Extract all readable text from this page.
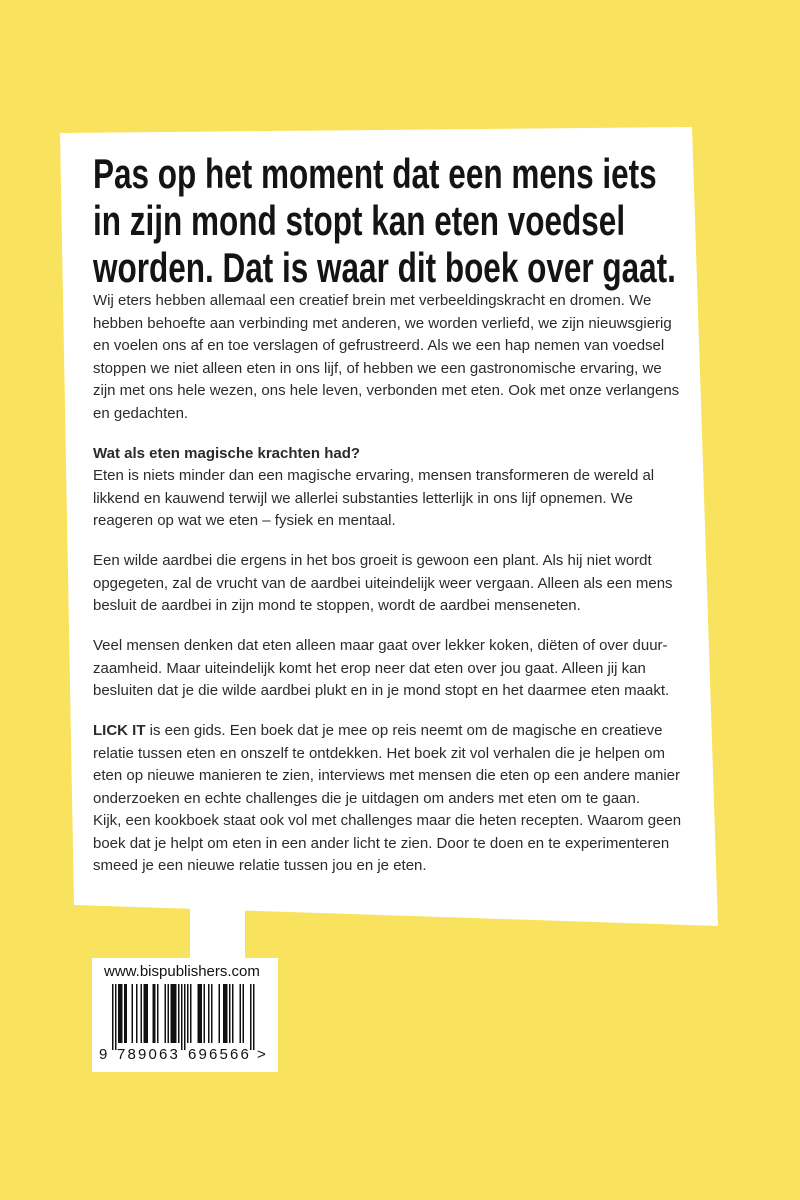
Pas op het moment dat een mens iets
in zijn mond stopt kan eten voedsel
worden. Dat is waar dit boek over gaat.
Wij eters hebben allemaal een creatief brein met verbeeldingskracht en dromen. We
hebben behoefte aan verbinding met anderen, we worden verliefd, we zijn nieuwsgierig
en voelen ons af en toe verslagen of gefrustreerd. Als we een hap nemen van voedsel
stoppen we niet alleen eten in ons lijf, of hebben we een gastronomische ervaring, we
zijn met ons hele wezen, ons hele leven, verbonden met eten. Ook met onze verlangens
en gedachten.
Wat als eten magische krachten had?
Eten is niets minder dan een magische ervaring, mensen transformeren de wereld al
likkend en kauwend terwijl we allerlei substanties letterlijk in ons lijf opnemen. We
reageren op wat we eten – fysiek en mentaal.
Een wilde aardbei die ergens in het bos groeit is gewoon een plant. Als hij niet wordt
opgegeten, zal de vrucht van de aardbei uiteindelijk weer vergaan. Alleen als een mens
besluit de aardbei in zijn mond te stoppen, wordt de aardbei menseneten.
Veel mensen denken dat eten alleen maar gaat over lekker koken, diëten of over duur-
zaamheid. Maar uiteindelijk komt het erop neer dat eten over jou gaat. Alleen jij kan
besluiten dat je die wilde aardbei plukt en in je mond stopt en het daarmee eten maakt.
LICK IT is een gids. Een boek dat je mee op reis neemt om de magische en creatieve
relatie tussen eten en onszelf te ontdekken. Het boek zit vol verhalen die je helpen om
eten op nieuwe manieren te zien, interviews met mensen die eten op een andere manier
onderzoeken en echte challenges die je uitdagen om anders met eten om te gaan.
Kijk, een kookboek staat ook vol met challenges maar die heten recepten. Waarom geen
boek dat je helpt om eten in een ander licht te zien. Door te doen en te experimenteren
smeed je een nieuwe relatie tussen jou en je eten.
www.bispublishers.com
9 789063 696566 >
